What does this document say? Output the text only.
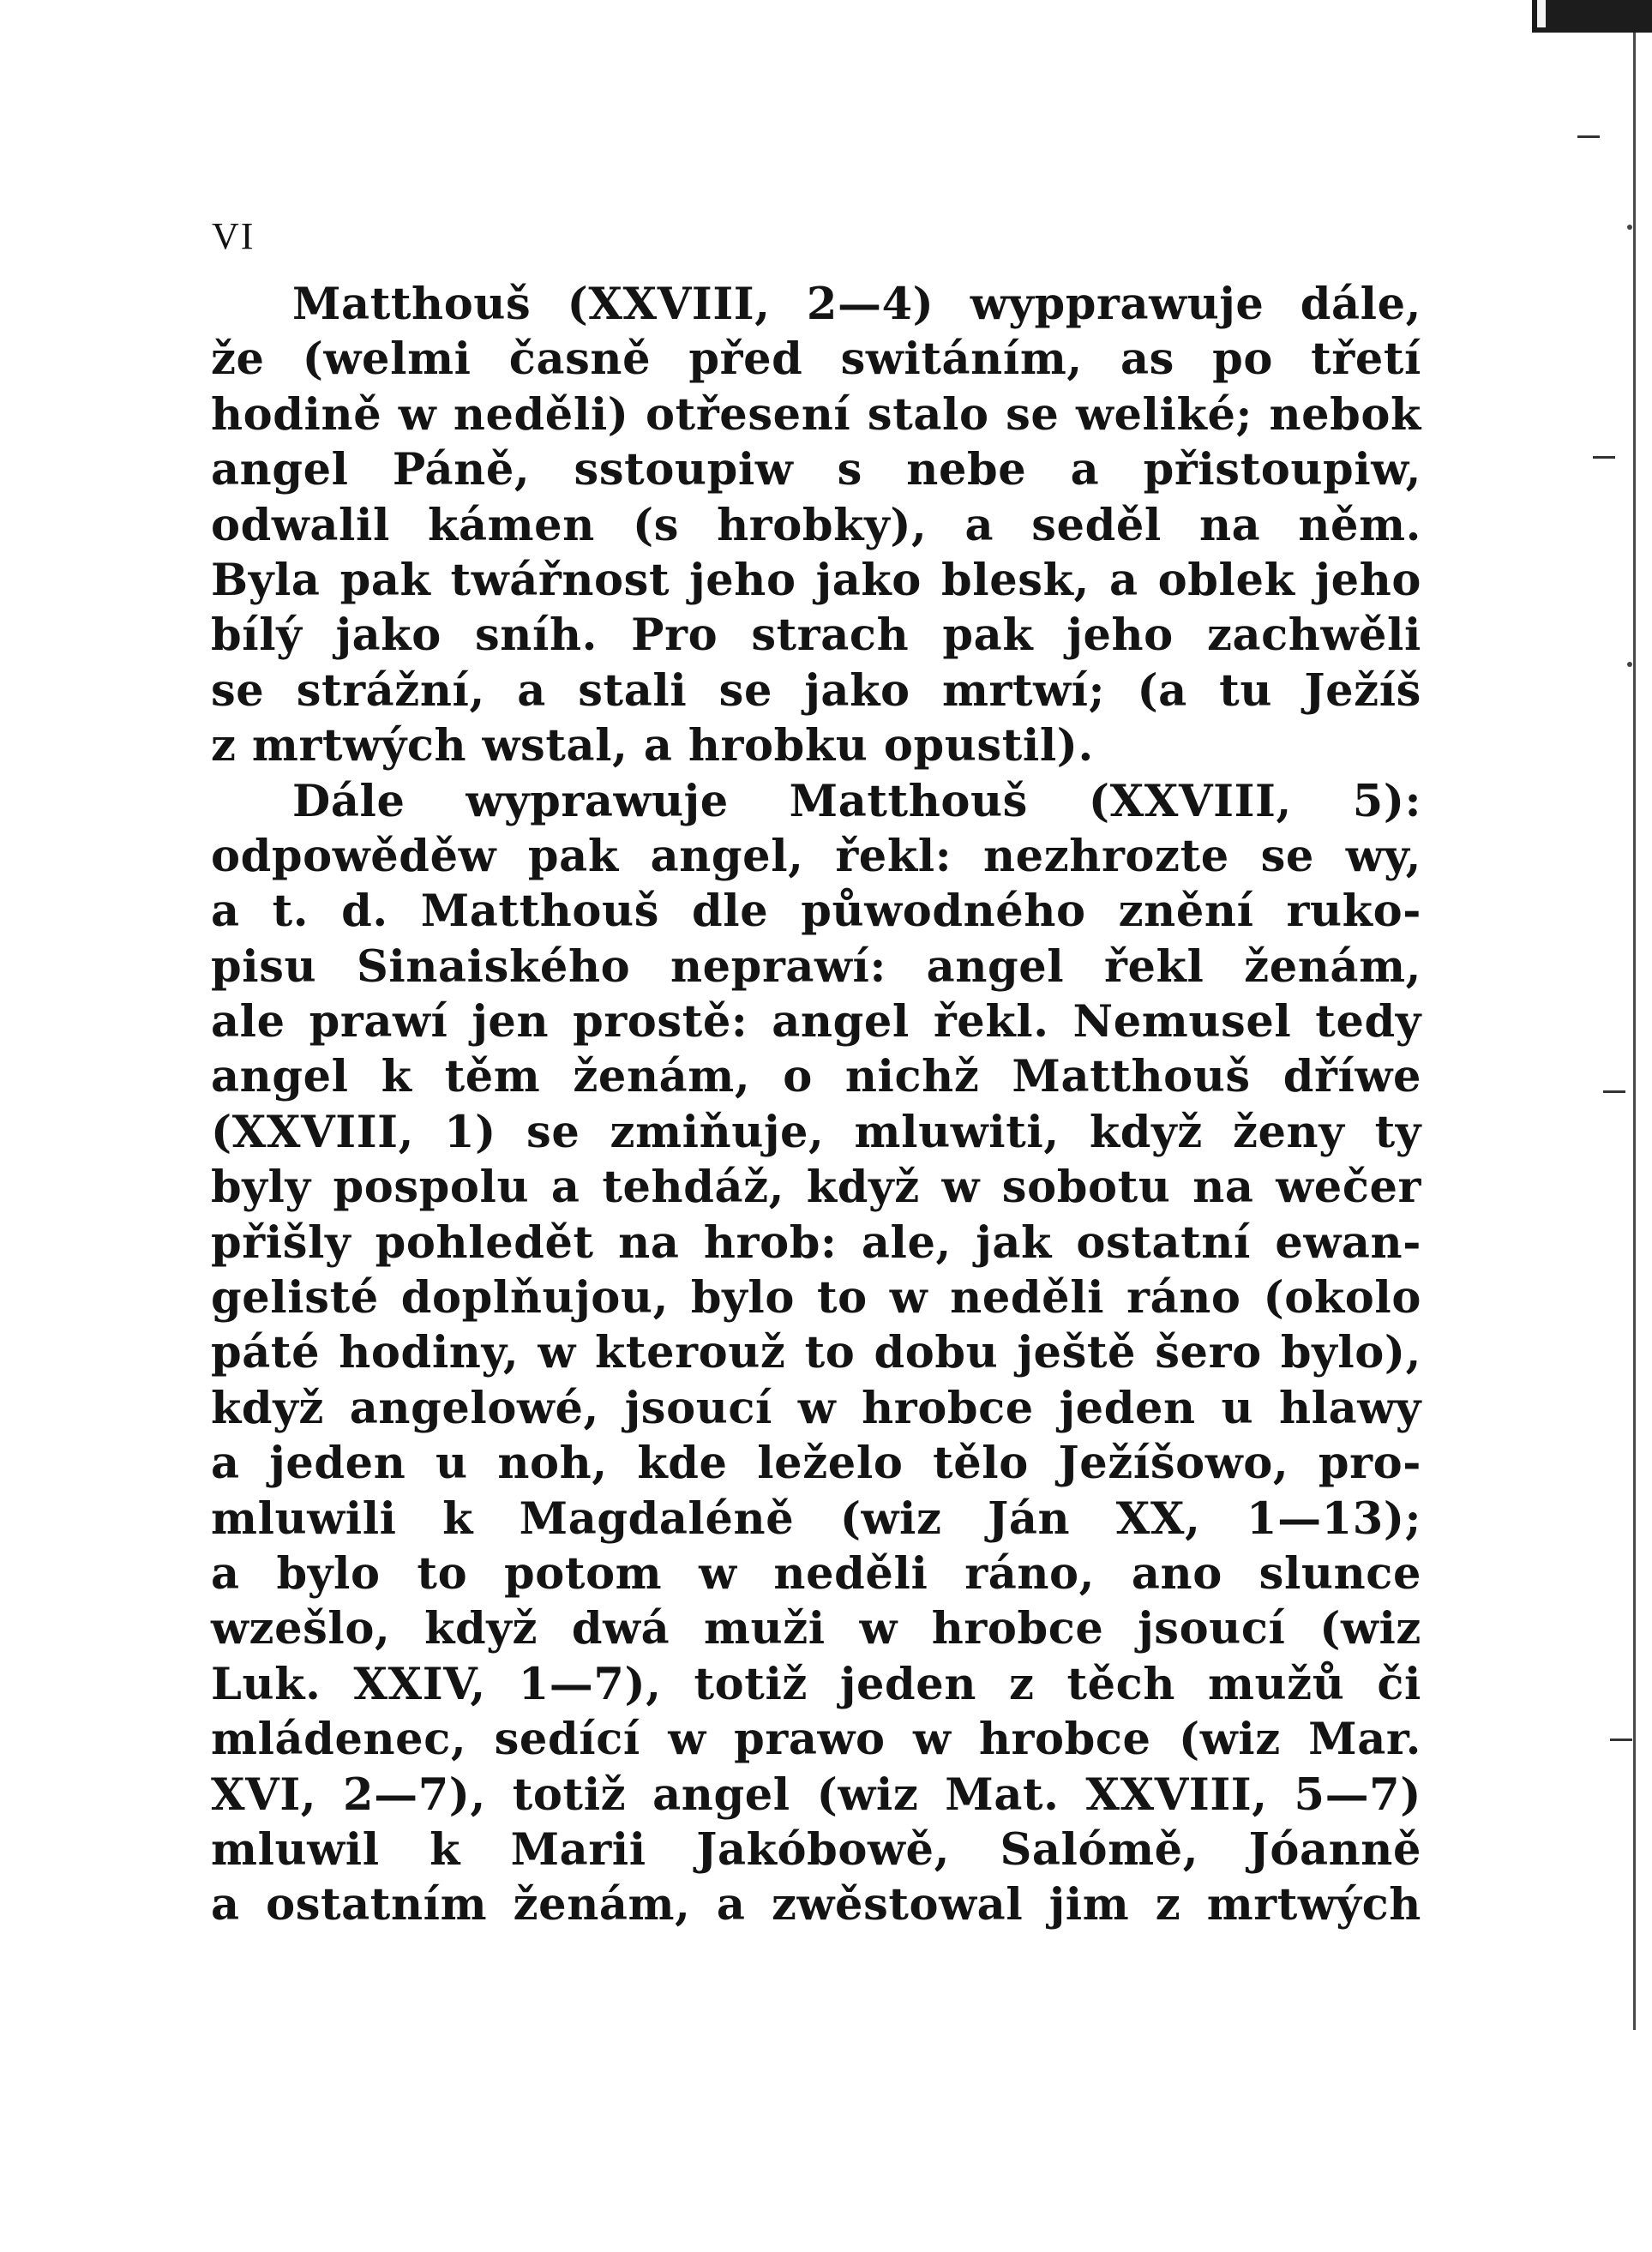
VI
Matthouš (XXVIII, 2—4) wypprawuje dále,
že (welmi časně před switáním, as po třetí
hodině w neděli) otřesení stalo se weliké; nebok
angel Páně, sstoupiw s nebe a přistoupiw,
odwalil kámen (s hrobky), a seděl na něm.
Byla pak twářnost jeho jako blesk, a oblek jeho
bílý jako sníh. Pro strach pak jeho zachwěli
se strážní, a stali se jako mrtwí; (a tu Ježíš
z mrtwých wstal, a hrobku opustil).
Dále wyprawuje Matthouš (XXVIII, 5):
odpowěděw pak angel, řekl: nezhrozte se wy,
a t. d. Matthouš dle půwodného znění ruko-
pisu Sinaiského neprawí: angel řekl ženám,
ale prawí jen prostě: angel řekl. Nemusel tedy
angel k těm ženám, o nichž Matthouš dříwe
(XXVIII, 1) se zmiňuje, mluwiti, když ženy ty
byly pospolu a tehdáž, když w sobotu na wečer
přišly pohledět na hrob: ale, jak ostatní ewan-
gelisté doplňujou, bylo to w neděli ráno (okolo
páté hodiny, w kterouž to dobu ještě šero bylo),
když angelowé, jsoucí w hrobce jeden u hlawy
a jeden u noh, kde leželo tělo Ježíšowo, pro-
mluwili k Magdaléně (wiz Ján XX, 1—13);
a bylo to potom w neděli ráno, ano slunce
wzešlo, když dwá muži w hrobce jsoucí (wiz
Luk. XXIV, 1—7), totiž jeden z těch mužů či
mládenec, sedící w prawo w hrobce (wiz Mar.
XVI, 2—7), totiž angel (wiz Mat. XXVIII, 5—7)
mluwil k Marii Jakóbowě, Salómě, Jóanně
a ostatním ženám, a zwěstowal jim z mrtwých
